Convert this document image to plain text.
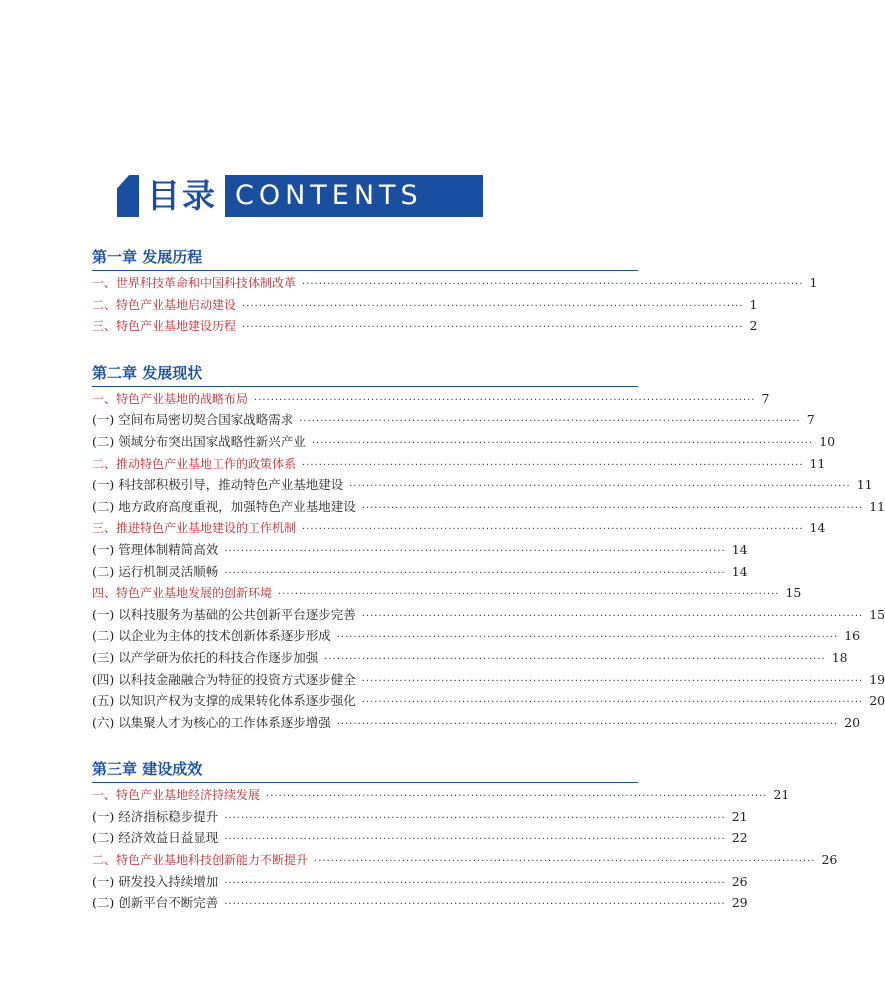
目录 CONTENTS
第一章 发展历程
一、世界科技革命和中国科技体制改革 ························································································································ 1
二、特色产业基地启动建设 ························································································································ 1
三、特色产业基地建设历程 ························································································································ 2
第二章 发展现状
一、特色产业基地的战略布局 ························································································································ 7
(一) 空间布局密切契合国家战略需求 ························································································································ 7
(二) 领域分布突出国家战略性新兴产业 ························································································································ 10
二、推动特色产业基地工作的政策体系 ························································································································ 11
(一) 科技部积极引导，推动特色产业基地建设 ························································································································ 11
(二) 地方政府高度重视，加强特色产业基地建设 ························································································································ 11
三、推进特色产业基地建设的工作机制 ························································································································ 14
(一) 管理体制精简高效 ························································································································ 14
(二) 运行机制灵活顺畅 ························································································································ 14
四、特色产业基地发展的创新环境 ························································································································ 15
(一) 以科技服务为基础的公共创新平台逐步完善 ························································································································ 15
(二) 以企业为主体的技术创新体系逐步形成 ························································································································ 16
(三) 以产学研为依托的科技合作逐步加强 ························································································································ 18
(四) 以科技金融融合为特征的投资方式逐步健全 ························································································································ 19
(五) 以知识产权为支撑的成果转化体系逐步强化 ························································································································ 20
(六) 以集聚人才为核心的工作体系逐步增强 ························································································································ 20
第三章 建设成效
一、特色产业基地经济持续发展 ························································································································ 21
(一) 经济指标稳步提升 ························································································································ 21
(二) 经济效益日益显现 ························································································································ 22
二、特色产业基地科技创新能力不断提升 ························································································································ 26
(一) 研发投入持续增加 ························································································································ 26
(二) 创新平台不断完善 ························································································································ 29
